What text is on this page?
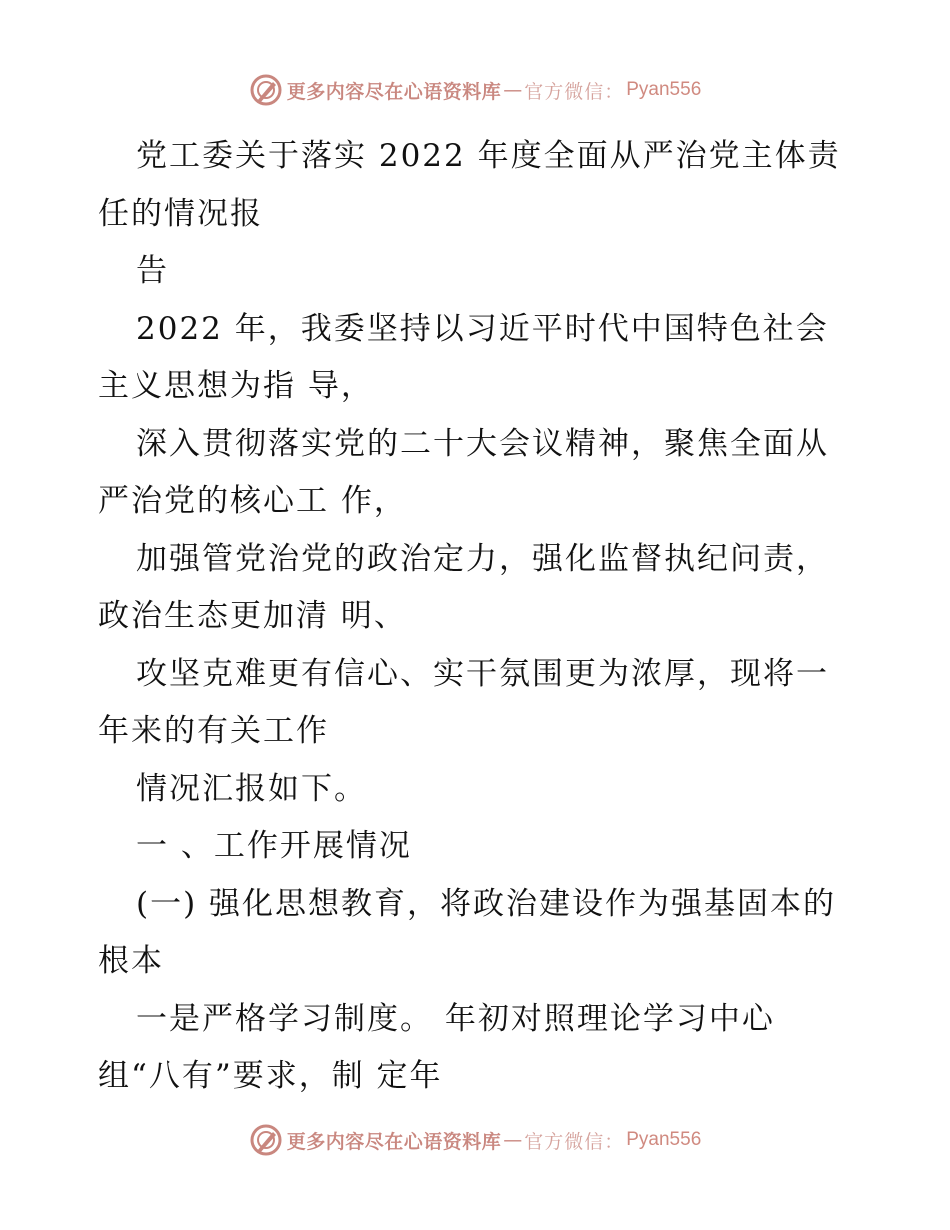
更多内容尽在心语资料库 — 官方微信： Pyan556
党工委关于落实 2022 年度全面从严治党主体责
任的情况报
告
2022 年，我委坚持以习近平时代中国特色社会
主义思想为指 导，
深入贯彻落实党的二十大会议精神，聚焦全面从
严治党的核心工 作，
加强管党治党的政治定力，强化监督执纪问责，
政治生态更加清 明、
攻坚克难更有信心、实干氛围更为浓厚，现将一
年来的有关工作
情况汇报如下。
一 、工作开展情况
(一) 强化思想教育，将政治建设作为强基固本的
根本
一是严格学习制度。 年初对照理论学习中心
组“八有”要求，制 定年
更多内容尽在心语资料库 — 官方微信： Pyan556
